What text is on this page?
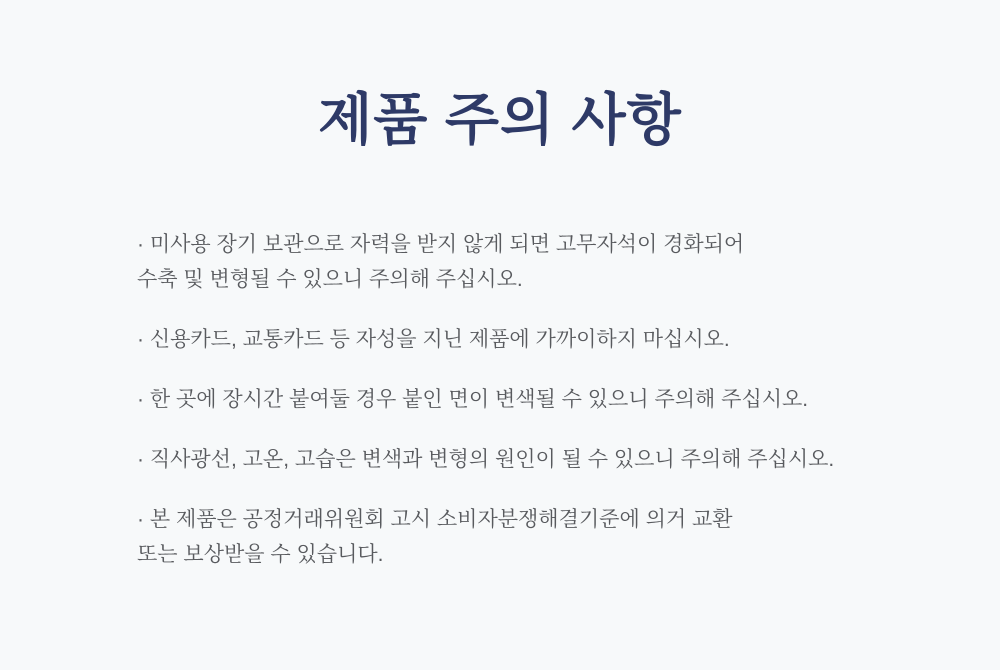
제품 주의 사항
· 미사용 장기 보관으로 자력을 받지 않게 되면 고무자석이 경화되어
수축 및 변형될 수 있으니 주의해 주십시오.
· 신용카드, 교통카드 등 자성을 지닌 제품에 가까이하지 마십시오.
· 한 곳에 장시간 붙여둘 경우 붙인 면이 변색될 수 있으니 주의해 주십시오.
· 직사광선, 고온, 고습은 변색과 변형의 원인이 될 수 있으니 주의해 주십시오.
· 본 제품은 공정거래위원회 고시 소비자분쟁해결기준에 의거 교환
또는 보상받을 수 있습니다.
